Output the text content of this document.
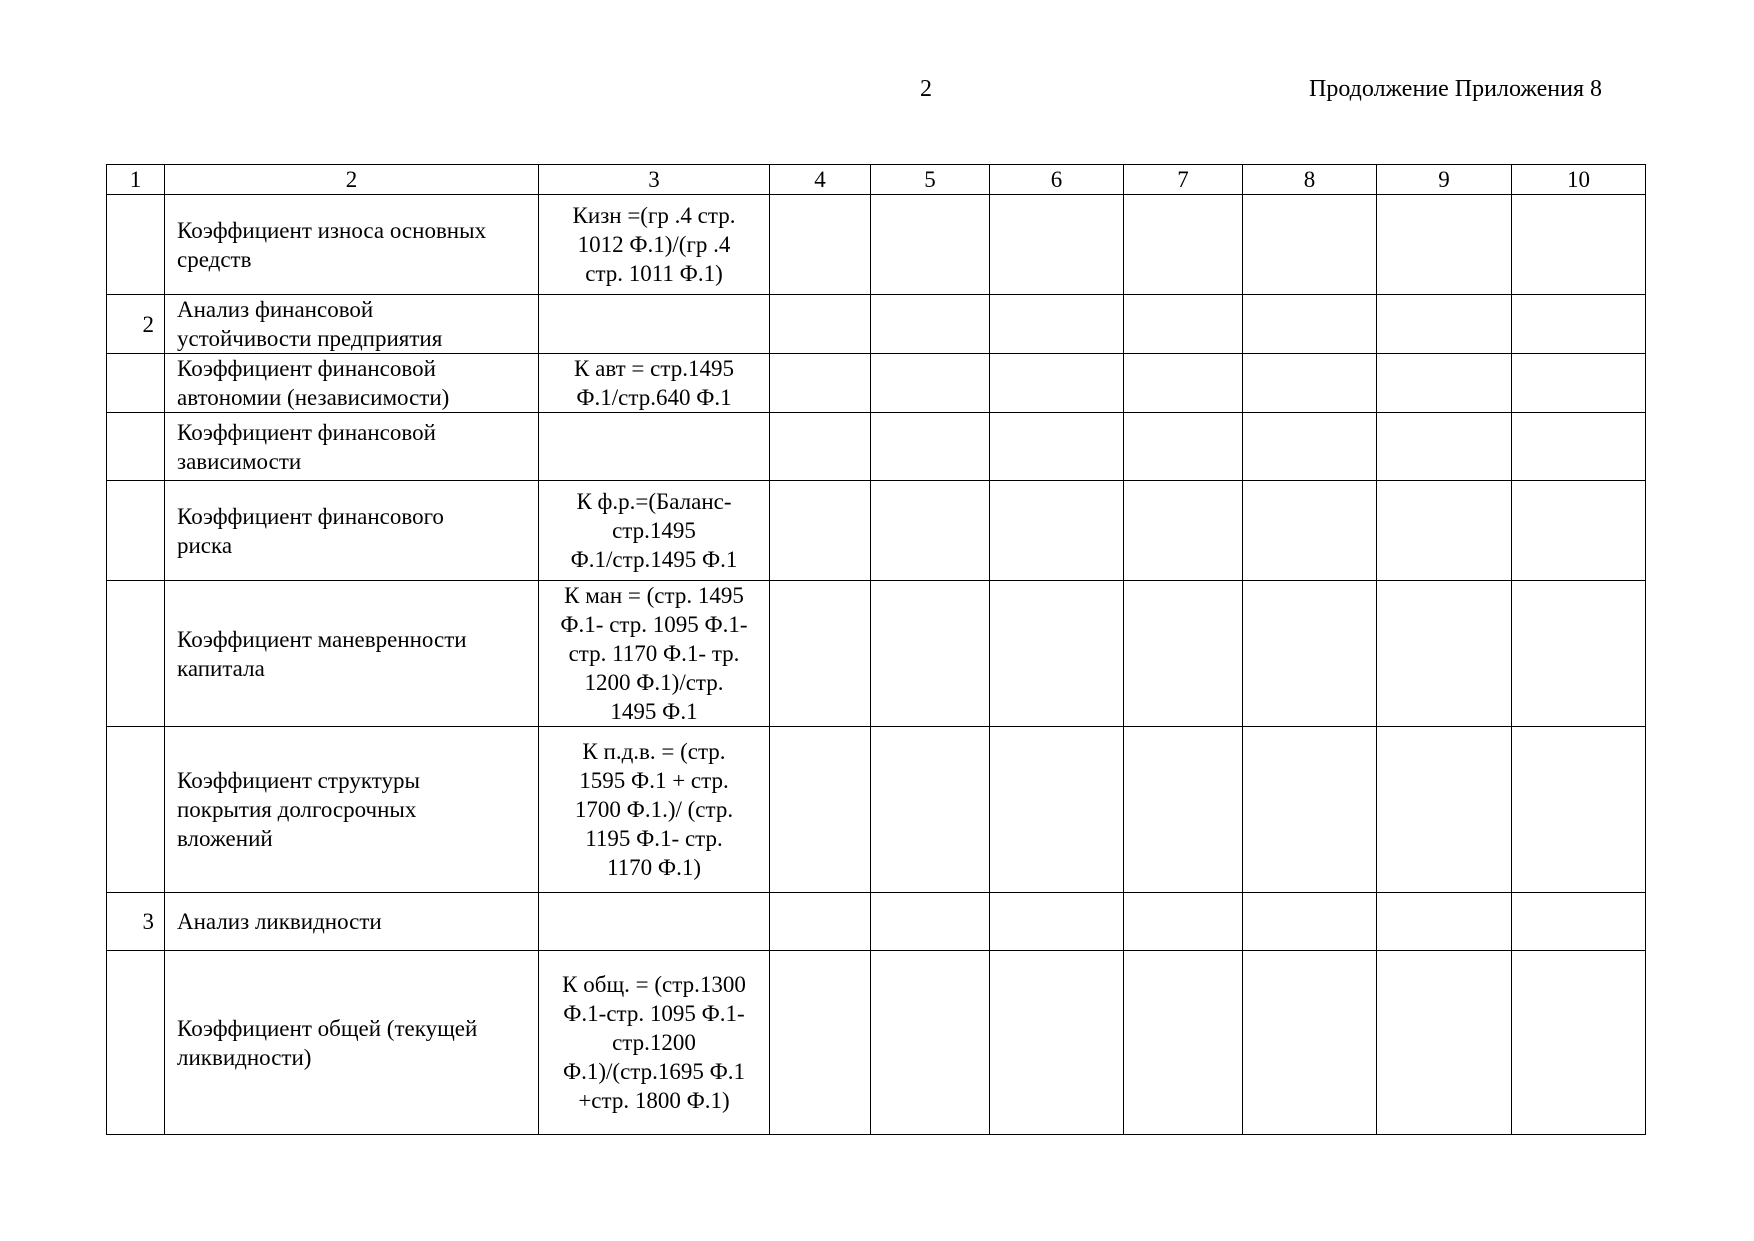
2	Продолжение Приложения 8
1	2	3	4	5	6	7	8	9	10

	Коэффициент износа основных
средств	Кизн =(гр .4 стр.
1012 Ф.1)/(гр .4
стр. 1011 Ф.1)							

2	Анализ финансовой
устойчивости предприятия								

	Коэффициент финансовой
автономии (независимости)	К авт = стр.1495
Ф.1/стр.640 Ф.1							

	Коэффициент финансовой
зависимости								

	Коэффициент финансового
риска	К ф.р.=(Баланс-
стр.1495
Ф.1/стр.1495 Ф.1							

	Коэффициент маневренности
капитала	К ман = (стр. 1495
Ф.1- стр. 1095 Ф.1-
стр. 1170 Ф.1- тр.
1200 Ф.1)/стр.
1495 Ф.1							

	Коэффициент структуры
покрытия долгосрочных
вложений	К п.д.в. = (стр.
1595 Ф.1 + стр.
1700 Ф.1.)/ (стр.
1195 Ф.1- стр.
1170 Ф.1)							

3	Анализ ликвидности								

	Коэффициент общей (текущей
ликвидности)	К общ. = (стр.1300
Ф.1-стр. 1095 Ф.1-
стр.1200
Ф.1)/(стр.1695 Ф.1
+стр. 1800 Ф.1)							
